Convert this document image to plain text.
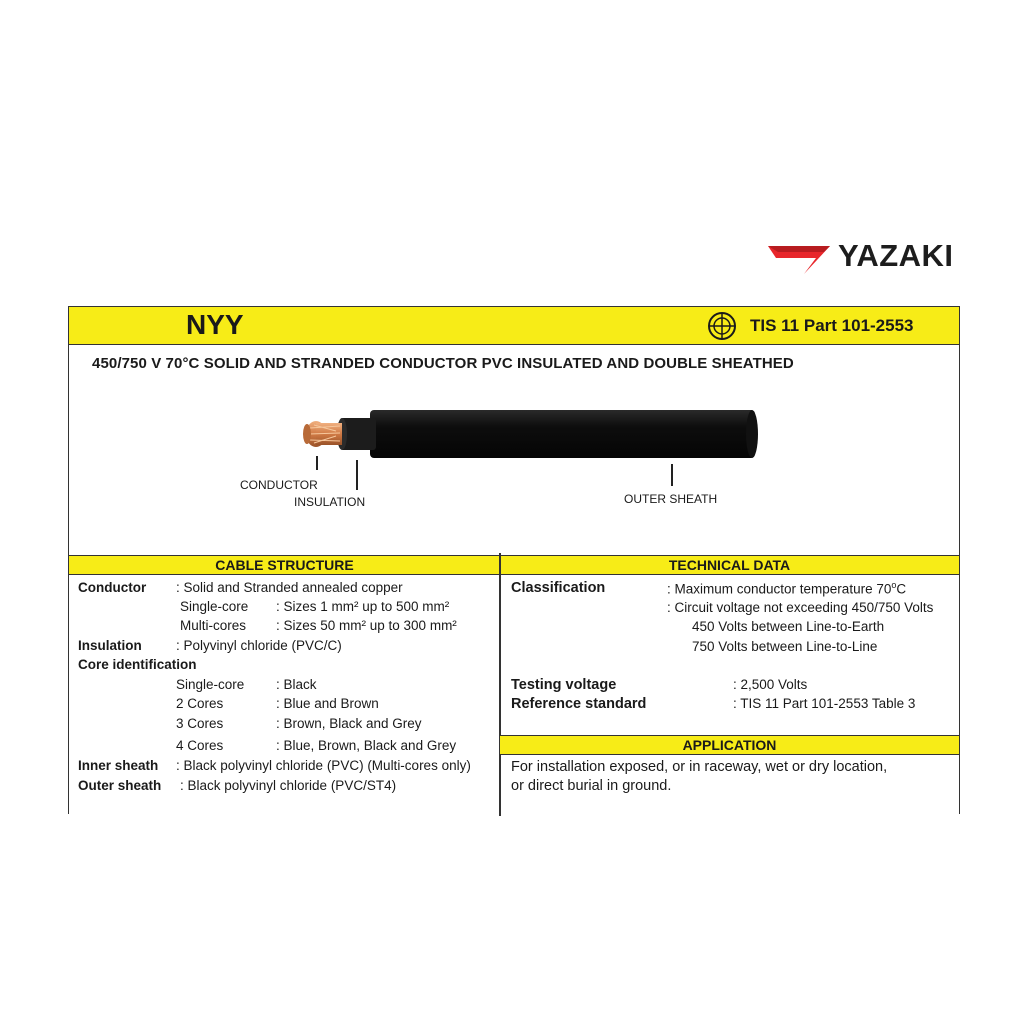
YAZAKI
NYY	TIS 11 Part 101-2553
450/750 V 70°C SOLID AND STRANDED CONDUCTOR PVC INSULATED AND DOUBLE SHEATHED
CONDUCTOR
INSULATION	OUTER SHEATH
CABLE STRUCTURE	TECHNICAL DATA
Conductor : Solid and Stranded annealed copper
Single-core : Sizes 1 mm² up to 500 mm²
Multi-cores : Sizes 50 mm² up to 300 mm²
Insulation	: Polyvinyl chloride (PVC/C)
Core identification
Single-core : Black
2 Cores	: Blue and Brown
3 Cores	: Brown, Black and Grey
4 Cores	: Blue, Brown, Black and Grey
Inner sheath : Black polyvinyl chloride (PVC) (Multi-cores only)
Outer sheath : Black polyvinyl chloride (PVC/ST4)
Classification	: Maximum conductor temperature 70$^o$C
: Circuit voltage not exceeding 450/750 Volts
450 Volts between Line-to-Earth
750 Volts between Line-to-Line
Testing voltage	: 2,500 Volts
Reference standard	: TIS 11 Part 101-2553 Table 3
APPLICATION
For installation exposed, or in raceway, wet or dry location,
or direct burial in ground.
